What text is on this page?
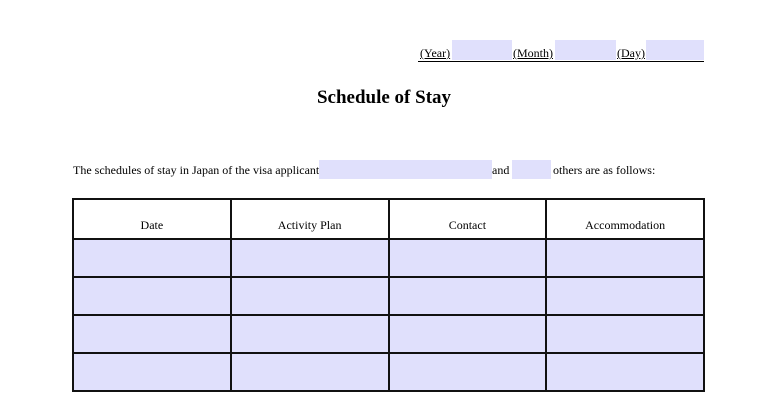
(Year)	(Month)	(Day)
Schedule of Stay
The schedules of stay in Japan of the visa applicant	and	others are as follows:
Date	Activity Plan	Contact	Accommodation
